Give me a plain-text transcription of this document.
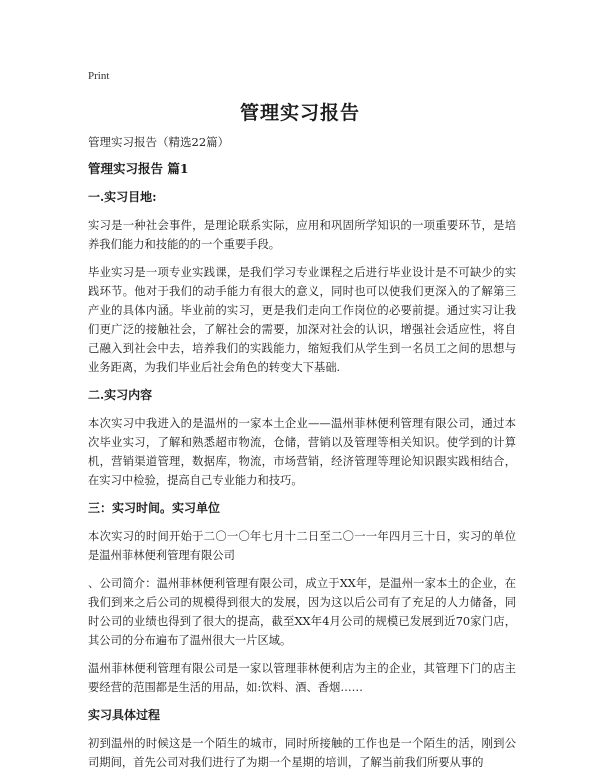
Print
管理实习报告
管理实习报告（精选22篇）
管理实习报告 篇1
一.实习目地:

实习是一种社会事件，是理论联系实际，应用和巩固所学知识的一项重要环节，是培养我们能力和技能的的一个重要手段。

毕业实习是一项专业实践课，是我们学习专业课程之后进行毕业设计是不可缺少的实践环节。他对于我们的动手能力有很大的意义，同时也可以使我们更深入的了解第三产业的具体内涵。毕业前的实习，更是我们走向工作岗位的必要前提。通过实习让我们更广泛的接触社会，了解社会的需要，加深对社会的认识，增强社会适应性，将自己融入到社会中去，培养我们的实践能力，缩短我们从学生到一名员工之间的思想与业务距离，为我们毕业后社会角色的转变大下基础.

二.实习内容

本次实习中我进入的是温州的一家本土企业——温州菲林便利管理有限公司，通过本次毕业实习，了解和熟悉超市物流，仓储，营销以及管理等相关知识。使学到的计算机，营销渠道管理，数据库，物流，市场营销，经济管理等理论知识跟实践相结合，在实习中检验，提高自己专业能力和技巧。

三：实习时间。实习单位

本次实习的时间开始于二〇一〇年七月十二日至二〇一一年四月三十日，实习的单位是温州菲林便利管理有限公司

、公司简介：温州菲林便利管理有限公司，成立于XX年，是温州一家本土的企业，在我们到来之后公司的规模得到很大的发展，因为这以后公司有了充足的人力储备，同时公司的业绩也得到了很大的提高，截至XX年4月公司的规模已发展到近70家门店，其公司的分布遍布了温州很大一片区域。

温州菲林便利管理有限公司是一家以管理菲林便利店为主的企业，其管理下门的店主要经营的范围都是生活的用品，如:饮料、酒、香烟……

实习具体过程

初到温州的时候这是一个陌生的城市，同时所接触的工作也是一个陌生的活，刚到公司期间，首先公司对我们进行了为期一个星期的培训，了解当前我们所要从事的
